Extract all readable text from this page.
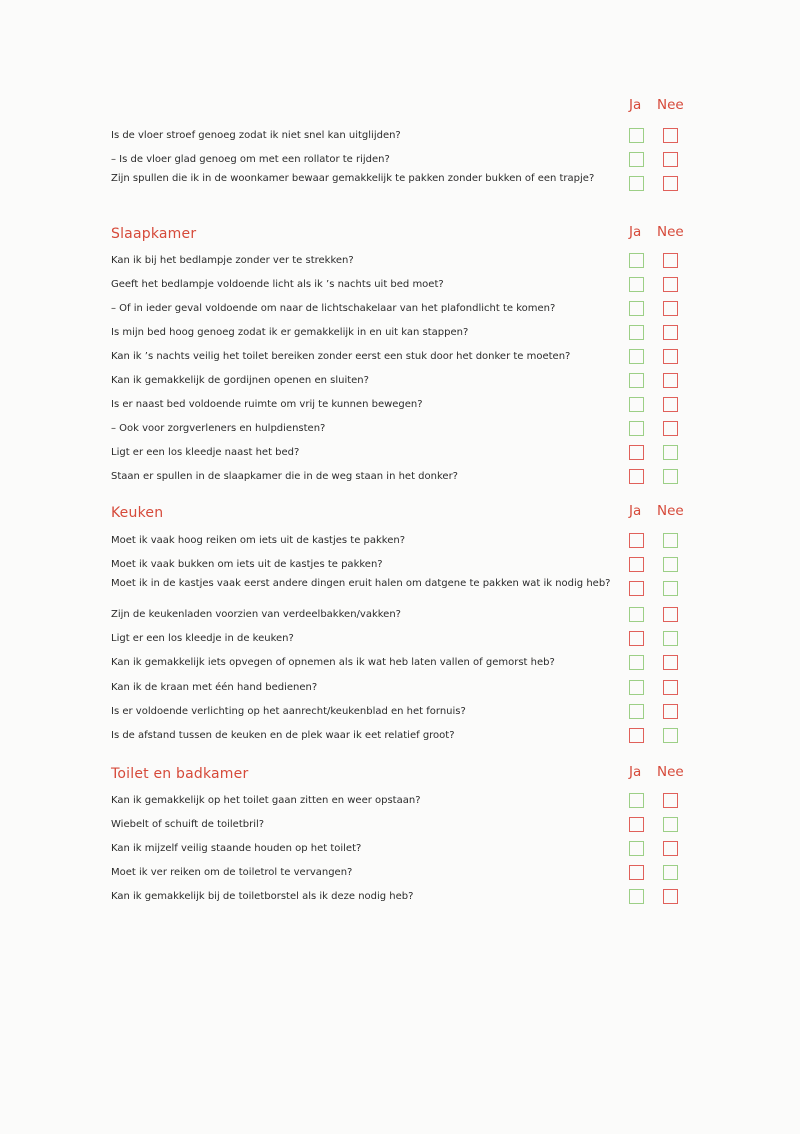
Ja Nee
Is de vloer stroef genoeg zodat ik niet snel kan uitglijden?
– Is de vloer glad genoeg om met een rollator te rijden?
Zijn spullen die ik in de woonkamer bewaar gemakkelijk te pakken zonder bukken of een trapje?
Ja Nee
Slaapkamer
Kan ik bij het bedlampje zonder ver te strekken?
Geeft het bedlampje voldoende licht als ik ’s nachts uit bed moet?
– Of in ieder geval voldoende om naar de lichtschakelaar van het plafondlicht te komen?
Is mijn bed hoog genoeg zodat ik er gemakkelijk in en uit kan stappen?
Kan ik ’s nachts veilig het toilet bereiken zonder eerst een stuk door het donker te moeten?
Kan ik gemakkelijk de gordijnen openen en sluiten?
Is er naast bed voldoende ruimte om vrij te kunnen bewegen?
– Ook voor zorgverleners en hulpdiensten?
Ligt er een los kleedje naast het bed?
Staan er spullen in de slaapkamer die in de weg staan in het donker?
Ja Nee
Keuken
Moet ik vaak hoog reiken om iets uit de kastjes te pakken?
Moet ik vaak bukken om iets uit de kastjes te pakken?
Moet ik in de kastjes vaak eerst andere dingen eruit halen om datgene te pakken wat ik nodig heb?
Zijn de keukenladen voorzien van verdeelbakken/vakken?
Ligt er een los kleedje in de keuken?
Kan ik gemakkelijk iets opvegen of opnemen als ik wat heb laten vallen of gemorst heb?
Kan ik de kraan met één hand bedienen?
Is er voldoende verlichting op het aanrecht/keukenblad en het fornuis?
Is de afstand tussen de keuken en de plek waar ik eet relatief groot?
Ja Nee
Toilet en badkamer
Kan ik gemakkelijk op het toilet gaan zitten en weer opstaan?
Wiebelt of schuift de toiletbril?
Kan ik mijzelf veilig staande houden op het toilet?
Moet ik ver reiken om de toiletrol te vervangen?
Kan ik gemakkelijk bij de toiletborstel als ik deze nodig heb?
